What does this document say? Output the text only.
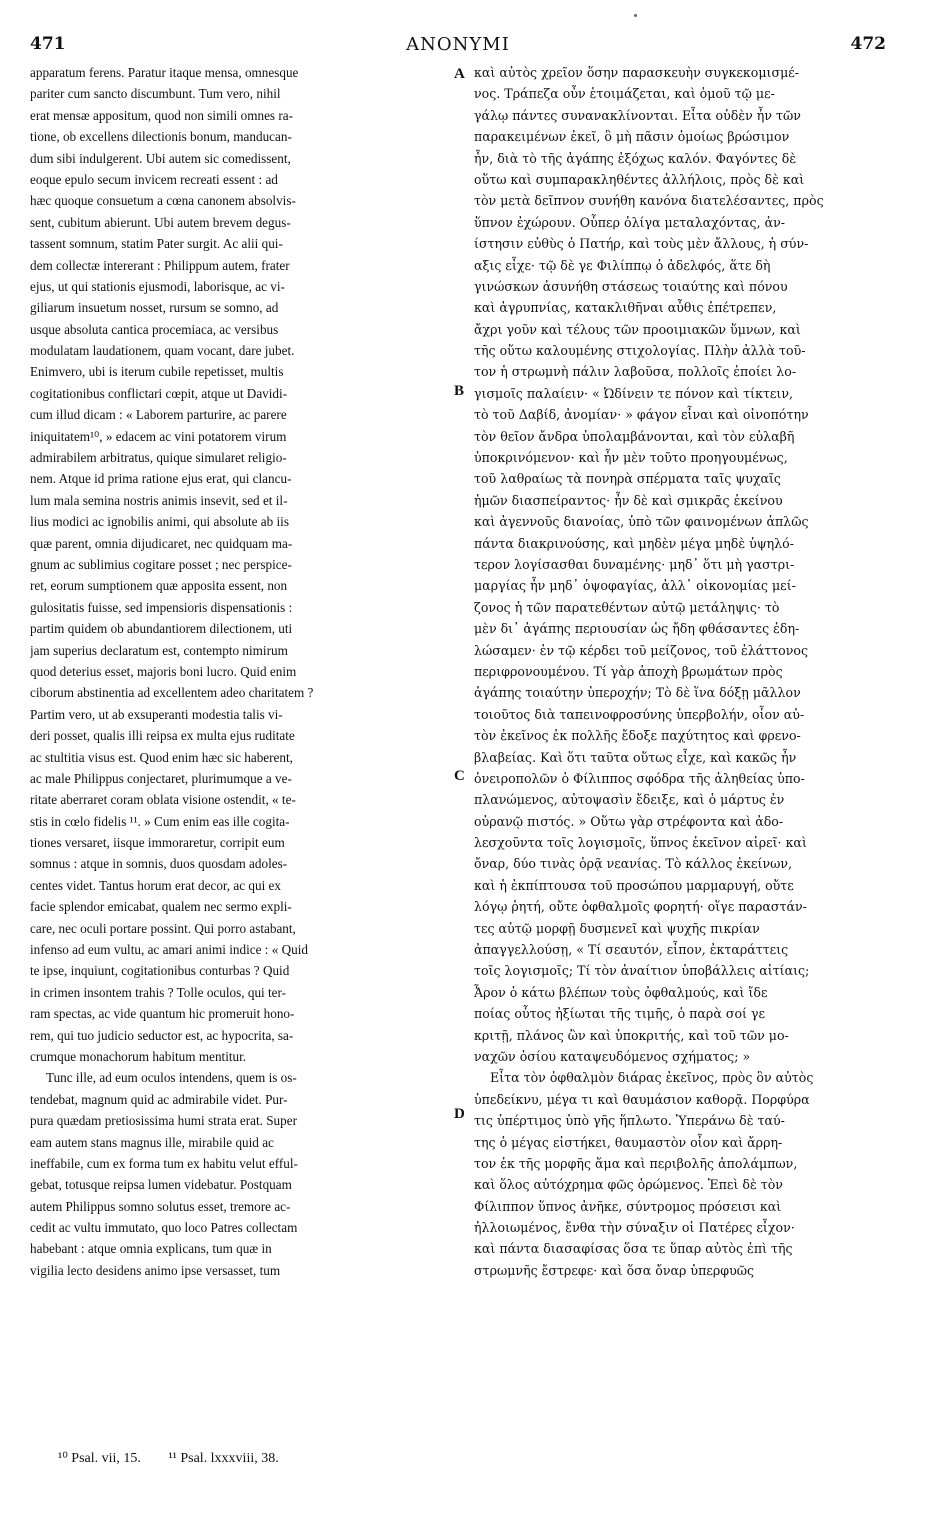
471	ANONYMI	472
apparatum ferens. Paratur itaque mensa, omnesque
pariter cum sancto discumbunt. Tum vero, nihil
erat mensæ appositum, quod non simili omnes ra-
tione, ob excellens dilectionis bonum, manducan-
dum sibi indulgerent. Ubi autem sic comedissent,
eoque epulo secum invicem recreati essent : ad
hæc quoque consuetum a cœna canonem absolvis-
sent, cubitum abierunt. Ubi autem brevem degus-
tassent somnum, statim Pater surgit. Ac alii qui-
dem collectæ intererant : Philippum autem, frater
ejus, ut qui stationis ejusmodi, laborisque, ac vi-
giliarum insuetum nosset, rursum se somno, ad
usque absoluta cantica procemiaca, ac versibus
modulatam laudationem, quam vocant, dare jubet.
Enimvero, ubi is iterum cubile repetisset, multis
cogitationibus conflictari cœpit, atque ut Davidi-
cum illud dicam : « Laborem parturire, ac parere
iniquitatem¹⁰, » edacem ac vini potatorem virum
admirabilem arbitratus, quique simularet religio-
nem. Atque id prima ratione ejus erat, qui clancu-
lum mala semina nostris animis insevit, sed et il-
lius modici ac ignobilis animi, qui absolute ab iis
quæ parent, omnia dijudicaret, nec quidquam ma-
gnum ac sublimius cogitare posset ; nec perspice-
ret, eorum sumptionem quæ apposita essent, non
gulositatis fuisse, sed impensioris dispensationis :
partim quidem ob abundantiorem dilectionem, uti
jam superius declaratum est, contempto nimirum
quod deterius esset, majoris boni lucro. Quid enim
ciborum abstinentia ad excellentem adeo charitatem ?
Partim vero, ut ab exsuperanti modestia talis vi-
deri posset, qualis illi reipsa ex multa ejus ruditate
ac stultitia visus est. Quod enim hæc sic haberent,
ac male Philippus conjectaret, plurimumque a ve-
ritate aberraret coram oblata visione ostendit, « te-
stis in cœlo fidelis ¹¹. » Cum enim eas ille cogita-
tiones versaret, iisque immoraretur, corripit eum
somnus : atque in somnis, duos quosdam adoles-
centes videt. Tantus horum erat decor, ac qui ex
facie splendor emicabat, qualem nec sermo expli-
care, nec oculi portare possint. Qui porro astabant,
infenso ad eum vultu, ac amari animi indice : « Quid
te ipse, inquiunt, cogitationibus conturbas ? Quid
in crimen insontem trahis ? Tolle oculos, qui ter-
ram spectas, ac vide quantum hic promeruit hono-
rem, qui tuo judicio seductor est, ac hypocrita, sa-
crumque monachorum habitum mentitur.
Tunc ille, ad eum oculos intendens, quem is os-
tendebat, magnum quid ac admirabile videt. Pur-
pura quædam pretiosissima humi strata erat. Super
eam autem stans magnus ille, mirabile quid ac
ineffabile, cum ex forma tum ex habitu velut efful-
gebat, totusque reipsa lumen videbatur. Postquam
autem Philippus somno solutus esset, tremore ac-
cedit ac vultu immutato, quo loco Patres collectam
habebant : atque omnia explicans, tum quæ in
vigilia lecto desidens animo ipse versasset, tum
A
B
C
D
καὶ αὐτὸς χρεῖον ὅσην παρασκευὴν συγκεκομισμέ-
νος. Τράπεζα οὖν ἑτοιμάζεται, καὶ ὁμοῦ τῷ με-
γάλῳ πάντες συνανακλίνονται. Εἶτα οὐδὲν ἦν τῶν
παρακειμένων ἐκεῖ, ὃ μὴ πᾶσιν ὁμοίως βρώσιμον
ἦν, διὰ τὸ τῆς ἀγάπης ἐξόχως καλόν. Φαγόντες δὲ
οὕτω καὶ συμπαρακληθέντες ἀλλήλοις, πρὸς δὲ καὶ
τὸν μετὰ δεῖπνον συνήθη κανόνα διατελέσαντες, πρὸς
ὕπνον ἐχώρουν. Οὗπερ ὀλίγα μεταλαχόντας, ἀν-
ίστησιν εὐθὺς ὁ Πατήρ, καὶ τοὺς μὲν ἄλλους, ἡ σύν-
αξις εἶχε· τῷ δὲ γε Φιλίππῳ ὁ ἀδελφός, ἅτε δὴ
γινώσκων ἀσυνήθη στάσεως τοιαύτης καὶ πόνου
καὶ ἀγρυπνίας, κατακλιθῆναι αὖθις ἐπέτρεπεν,
ἄχρι γοῦν καὶ τέλους τῶν προοιμιακῶν ὕμνων, καὶ
τῆς οὕτω καλουμένης στιχολογίας. Πλὴν ἀλλὰ τοῦ-
τον ἡ στρωμνὴ πάλιν λαβοῦσα, πολλοῖς ἐποίει λο-
γισμοῖς παλαίειν· « Ὠδίνειν τε πόνον καὶ τίκτειν,
τὸ τοῦ Δαβίδ, ἀνομίαν· » φάγον εἶναι καὶ οἰνοπότην
τὸν θεῖον ἄνδρα ὑπολαμβάνονται, καὶ τὸν εὐλαβῆ
ὑποκρινόμενον· καὶ ἦν μὲν τοῦτο προηγουμένως,
τοῦ λαθραίως τὰ πονηρὰ σπέρματα ταῖς ψυχαῖς
ἡμῶν διασπείραντος· ἦν δὲ καὶ σμικρᾶς ἐκείνου
καὶ ἀγεννοῦς διανοίας, ὑπὸ τῶν φαινομένων ἁπλῶς
πάντα διακρινούσης, καὶ μηδὲν μέγα μηδὲ ὑψηλό-
τερον λογίσασθαι δυναμένης· μηδ᾽ ὅτι μὴ γαστρι-
μαργίας ἦν μηδ᾽ ὀψοφαγίας, ἀλλ᾽ οἰκονομίας μεί-
ζονος ἡ τῶν παρατεθέντων αὐτῷ μετάληψις· τὸ
μὲν δι᾽ ἀγάπης περιουσίαν ὡς ἤδη φθάσαντες ἐδη-
λώσαμεν· ἐν τῷ κέρδει τοῦ μείζονος, τοῦ ἐλάττονος
περιφρονουμένου. Τί γὰρ ἀποχὴ βρωμάτων πρὸς
ἀγάπης τοιαύτην ὑπεροχήν; Τὸ δὲ ἵνα δόξῃ μᾶλλον
τοιοῦτος διὰ ταπεινοφροσύνης ὑπερβολήν, οἷον αὐ-
τὸν ἐκεῖνος ἐκ πολλῆς ἔδοξε παχύτητος καὶ φρενο-
βλαβείας. Καὶ ὅτι ταῦτα οὕτως εἶχε, καὶ κακῶς ἦν
ὀνειροπολῶν ὁ Φίλιππος σφόδρα τῆς ἀληθείας ὑπο-
πλανώμενος, αὐτοψασὶν ἔδειξε, καὶ ὁ μάρτυς ἐν
οὐρανῷ πιστός. » Οὕτω γὰρ στρέφοντα καὶ ἀδο-
λεσχοῦντα τοῖς λογισμοῖς, ὕπνος ἐκεῖνον αἱρεῖ· καὶ
ὄναρ, δύο τινὰς ὁρᾷ νεανίας. Τὸ κάλλος ἐκείνων,
καὶ ἡ ἐκπίπτουσα τοῦ προσώπου μαρμαρυγή, οὔτε
λόγῳ ῥητή, οὔτε ὀφθαλμοῖς φορητή· οἵγε παραστάν-
τες αὐτῷ μορφῇ δυσμενεῖ καὶ ψυχῆς πικρίαν
ἀπαγγελλούσῃ, « Τί σεαυτόν, εἶπον, ἐκταράττεις
τοῖς λογισμοῖς; Τί τὸν ἀναίτιον ὑποβάλλεις αἰτίαις;
Ἆρον ὁ κάτω βλέπων τοὺς ὀφθαλμούς, καὶ ἴδε
ποίας οὗτος ἠξίωται τῆς τιμῆς, ὁ παρὰ σοί γε
κριτῇ, πλάνος ὢν καὶ ὑποκριτής, καὶ τοῦ τῶν μο-
ναχῶν ὁσίου καταψευδόμενος σχήματος; »
Εἶτα τὸν ὀφθαλμὸν διάρας ἐκεῖνος, πρὸς ὃν αὐτὸς
ὑπεδείκνυ, μέγα τι καὶ θαυμάσιον καθορᾷ. Πορφύρα
τις ὑπέρτιμος ὑπὸ γῆς ἥπλωτο. Ὑπεράνω δὲ ταύ-
της ὁ μέγας εἱστήκει, θαυμαστὸν οἷον καὶ ἄρρη-
τον ἐκ τῆς μορφῆς ἅμα καὶ περιβολῆς ἀπολάμπων,
καὶ ὅλος αὐτόχρημα φῶς ὁρώμενος. Ἐπεὶ δὲ τὸν
Φίλιππον ὕπνος ἀνῆκε, σύντρομος πρόσεισι καὶ
ἠλλοιωμένος, ἔνθα τὴν σύναξιν οἱ Πατέρες εἶχον·
καὶ πάντα διασαφίσας ὅσα τε ὕπαρ αὐτὸς ἐπὶ τῆς
στρωμνῆς ἔστρεφε· καὶ ὅσα ὄναρ ὑπερφυῶς
¹⁰ Psal. vii, 15. ¹¹ Psal. lxxxviii, 38.
